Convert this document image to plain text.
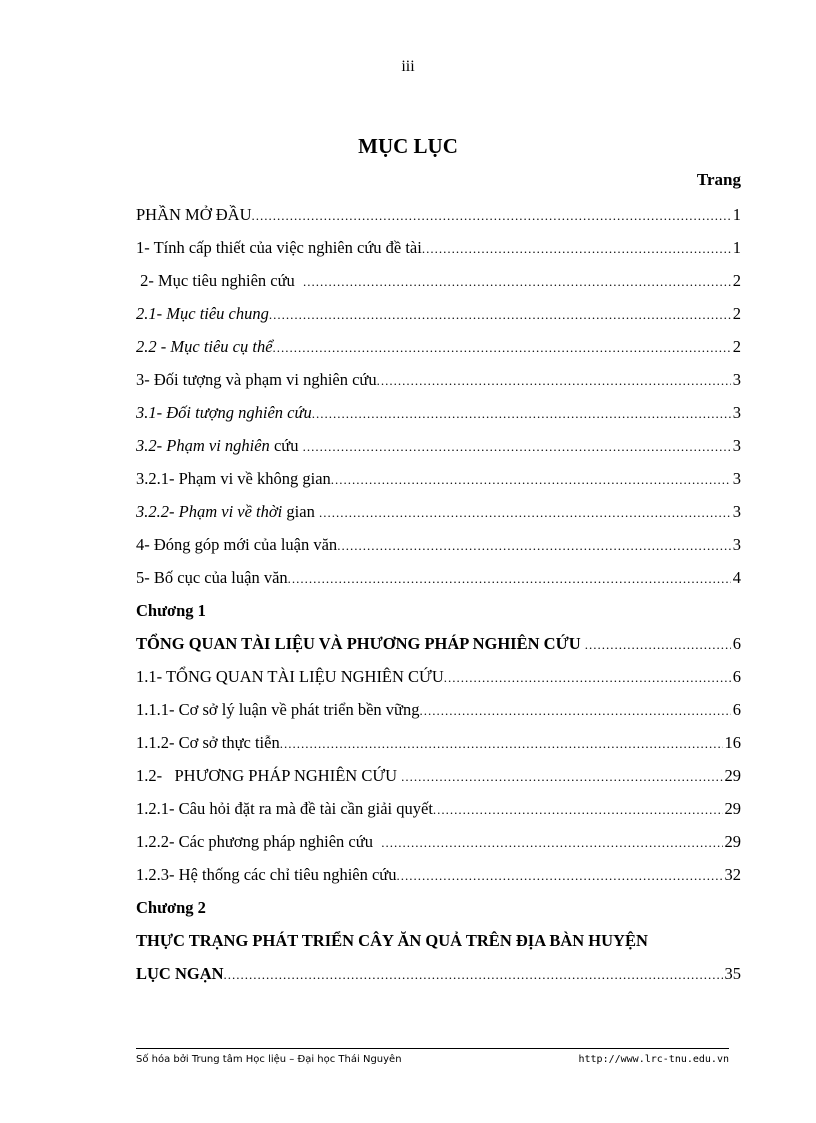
iii
MỤC LỤC
Trang
PHẦN MỞ ĐẦU .....	1
1- Tính cấp thiết của việc nghiên cứu đề tài .....	1
2- Mục tiêu nghiên cứu .....	2
2.1- Mục tiêu chung .....	2
2.2 - Mục tiêu cụ thể .....	2
3- Đối tượng và phạm vi nghiên cứu .....	3
3.1- Đối tượng nghiên cứu .....	3
3.2- Phạm vi nghiên cứu .....	3
3.2.1- Phạm vi về không gian .....	3
3.2.2- Phạm vi về thời gian .....	3
4- Đóng góp mới của luận văn .....	3
5- Bố cục của luận văn .....	4
Chương 1
TỔNG QUAN TÀI LIỆU VÀ PHƯƠNG PHÁP NGHIÊN CỨU .....	6
1.1- TỔNG QUAN TÀI LIỆU NGHIÊN CỨU .....	6
1.1.1- Cơ sở lý luận về phát triển bền vững .....	6
1.1.2- Cơ sở thực tiễn .....	16
1.2-   PHƯƠNG PHÁP NGHIÊN CỨU .....	29
1.2.1- Câu hỏi đặt ra mà đề tài cần giải quyết .....	29
1.2.2- Các phương pháp nghiên cứu .....	29
1.2.3- Hệ thống các chỉ tiêu nghiên cứu .....	32
Chương 2
THỰC TRẠNG PHÁT TRIỂN CÂY ĂN QUẢ TRÊN ĐỊA BÀN HUYỆN
LỤC NGẠN .....	35
Số hóa bởi Trung tâm Học liệu – Đại học Thái Nguyên	http://www.lrc-tnu.edu.vn
